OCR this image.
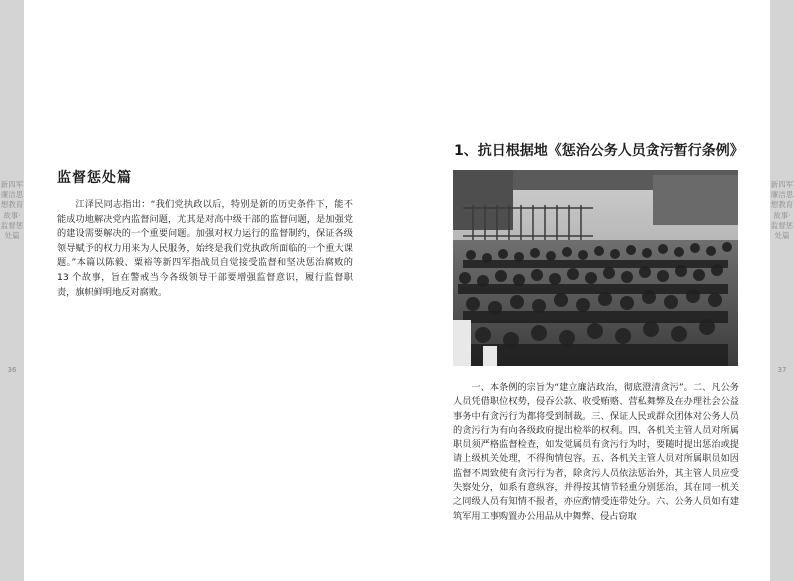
新四军廉洁思想教育故事·监督惩处篇
36
新四军廉洁思想教育故事·监督惩处篇
37
监督惩处篇

江泽民同志指出：“我们党执政以后，特别是新的历史条件下，能不能成功地解决党内监督问题，尤其是对高中级干部的监督问题，是加强党的建设需要解决的一个重要问题。加强对权力运行的监督制约，保证各级领导赋予的权力用来为人民服务，始终是我们党执政所面临的一个重大课题。”本篇以陈毅、粟裕等新四军指战员自觉接受监督和坚决惩治腐败的 13 个故事，旨在警戒当今各级领导干部要增强监督意识，履行监督职责，旗帜鲜明地反对腐败。

1、抗日根据地《惩治公务人员贪污暂行条例》

一、本条例的宗旨为“建立廉洁政治，彻底澄清贪污”。二、凡公务人员凭借职位权势，侵吞公款、收受贿赂、营私舞弊及在办理社会公益事务中有贪污行为都将受到制裁。三、保证人民或群众团体对公务人员的贪污行为有向各级政府提出检举的权利。四、各机关主管人员对所属职员须严格监督检查，如发觉属员有贪污行为时，要随时提出惩治或提请上级机关处理，不得徇情包容。五、各机关主管人员对所属职员如因监督不周致使有贪污行为者，除贪污人员依法惩治外，其主管人员应受失察处分，如系有意纵容，并得按其情节轻重分别惩治，其在同一机关之同级人员有知情不报者，亦应酌情受连带处分。六、公务人员如有建筑军用工事购置办公用品从中舞弊、侵占窃取
